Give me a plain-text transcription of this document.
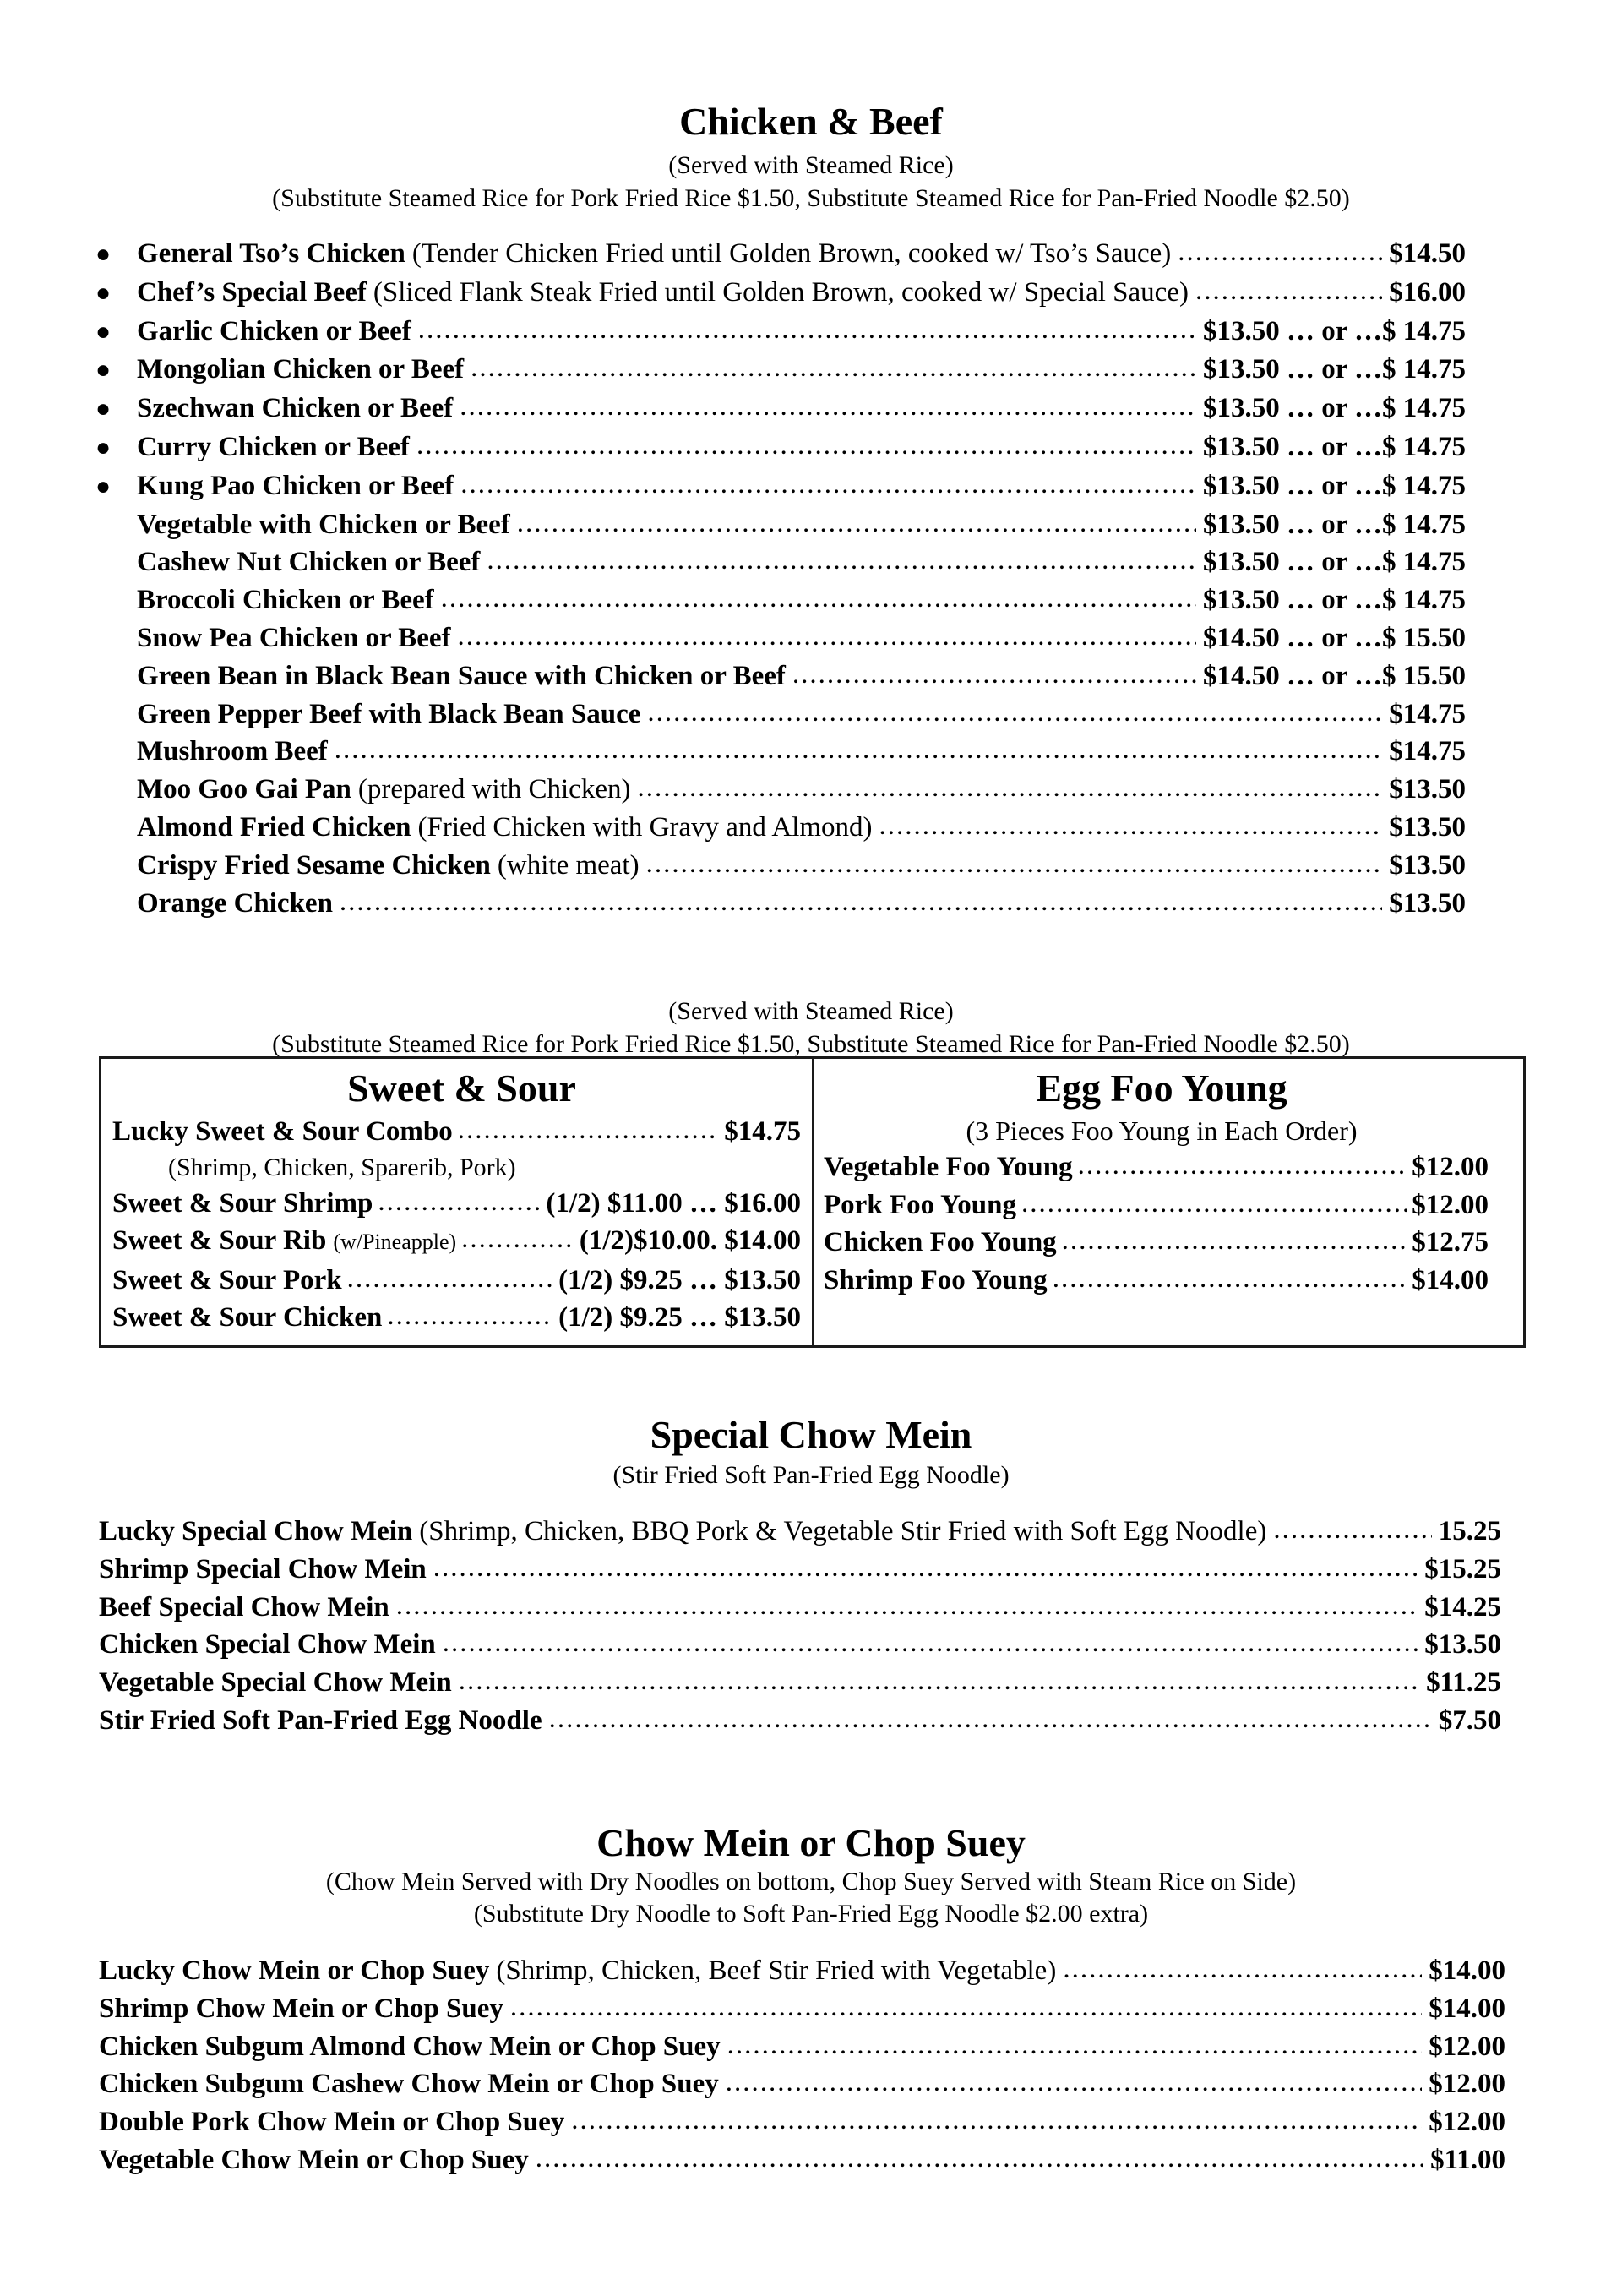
Chicken & Beef
(Served with Steamed Rice)
(Substitute Steamed Rice for Pork Fried Rice $1.50, Substitute Steamed Rice for Pan-Fried Noodle $2.50)
● General Tso’s Chicken (Tender Chicken Fried until Golden Brown, cooked w/ Tso’s Sauce) .....	$14.50
● Chef’s Special Beef (Sliced Flank Steak Fried until Golden Brown, cooked w/ Special Sauce) .....	$16.00
● Garlic Chicken or Beef .....	$13.50 … or …$ 14.75
● Mongolian Chicken or Beef .....	$13.50 … or …$ 14.75
● Szechwan Chicken or Beef .....	$13.50 … or …$ 14.75
● Curry Chicken or Beef .....	$13.50 … or …$ 14.75
● Kung Pao Chicken or Beef .....	$13.50 … or …$ 14.75
Vegetable with Chicken or Beef .....	$13.50 … or …$ 14.75
Cashew Nut Chicken or Beef .....	$13.50 … or …$ 14.75
Broccoli Chicken or Beef .....	$13.50 … or …$ 14.75
Snow Pea Chicken or Beef .....	$14.50 … or …$ 15.50
Green Bean in Black Bean Sauce with Chicken or Beef .....	$14.50 … or …$ 15.50
Green Pepper Beef with Black Bean Sauce .....	$14.75
Mushroom Beef .....	$14.75
Moo Goo Gai Pan (prepared with Chicken) .....	$13.50
Almond Fried Chicken (Fried Chicken with Gravy and Almond) .....	$13.50
Crispy Fried Sesame Chicken (white meat) .....	$13.50
Orange Chicken .....	$13.50
(Served with Steamed Rice)
(Substitute Steamed Rice for Pork Fried Rice $1.50, Substitute Steamed Rice for Pan-Fried Noodle $2.50)
Sweet & Sour
Lucky Sweet & Sour Combo .....	$14.75
(Shrimp, Chicken, Sparerib, Pork)
Sweet & Sour Shrimp .....	(1/2) $11.00 … $16.00
Sweet & Sour Rib (w/Pineapple) .....	(1/2)$10.00. $14.00
Sweet & Sour Pork .....	(1/2) $9.25 … $13.50
Sweet & Sour Chicken .....	(1/2) $9.25 … $13.50
Egg Foo Young
(3 Pieces Foo Young in Each Order)
Vegetable Foo Young .....	$12.00
Pork Foo Young .....	$12.00
Chicken Foo Young .....	$12.75
Shrimp Foo Young .....	$14.00
Special Chow Mein
(Stir Fried Soft Pan-Fried Egg Noodle)
Lucky Special Chow Mein (Shrimp, Chicken, BBQ Pork & Vegetable Stir Fried with Soft Egg Noodle) .....	15.25
Shrimp Special Chow Mein .....	$15.25
Beef Special Chow Mein .....	$14.25
Chicken Special Chow Mein .....	$13.50
Vegetable Special Chow Mein .....	$11.25
Stir Fried Soft Pan-Fried Egg Noodle .....	$7.50
Chow Mein or Chop Suey
(Chow Mein Served with Dry Noodles on bottom, Chop Suey Served with Steam Rice on Side)
(Substitute Dry Noodle to Soft Pan-Fried Egg Noodle $2.00 extra)
Lucky Chow Mein or Chop Suey (Shrimp, Chicken, Beef Stir Fried with Vegetable) .....	$14.00
Shrimp Chow Mein or Chop Suey .....	$14.00
Chicken Subgum Almond Chow Mein or Chop Suey .....	$12.00
Chicken Subgum Cashew Chow Mein or Chop Suey .....	$12.00
Double Pork Chow Mein or Chop Suey .....	$12.00
Vegetable Chow Mein or Chop Suey .....	$11.00
